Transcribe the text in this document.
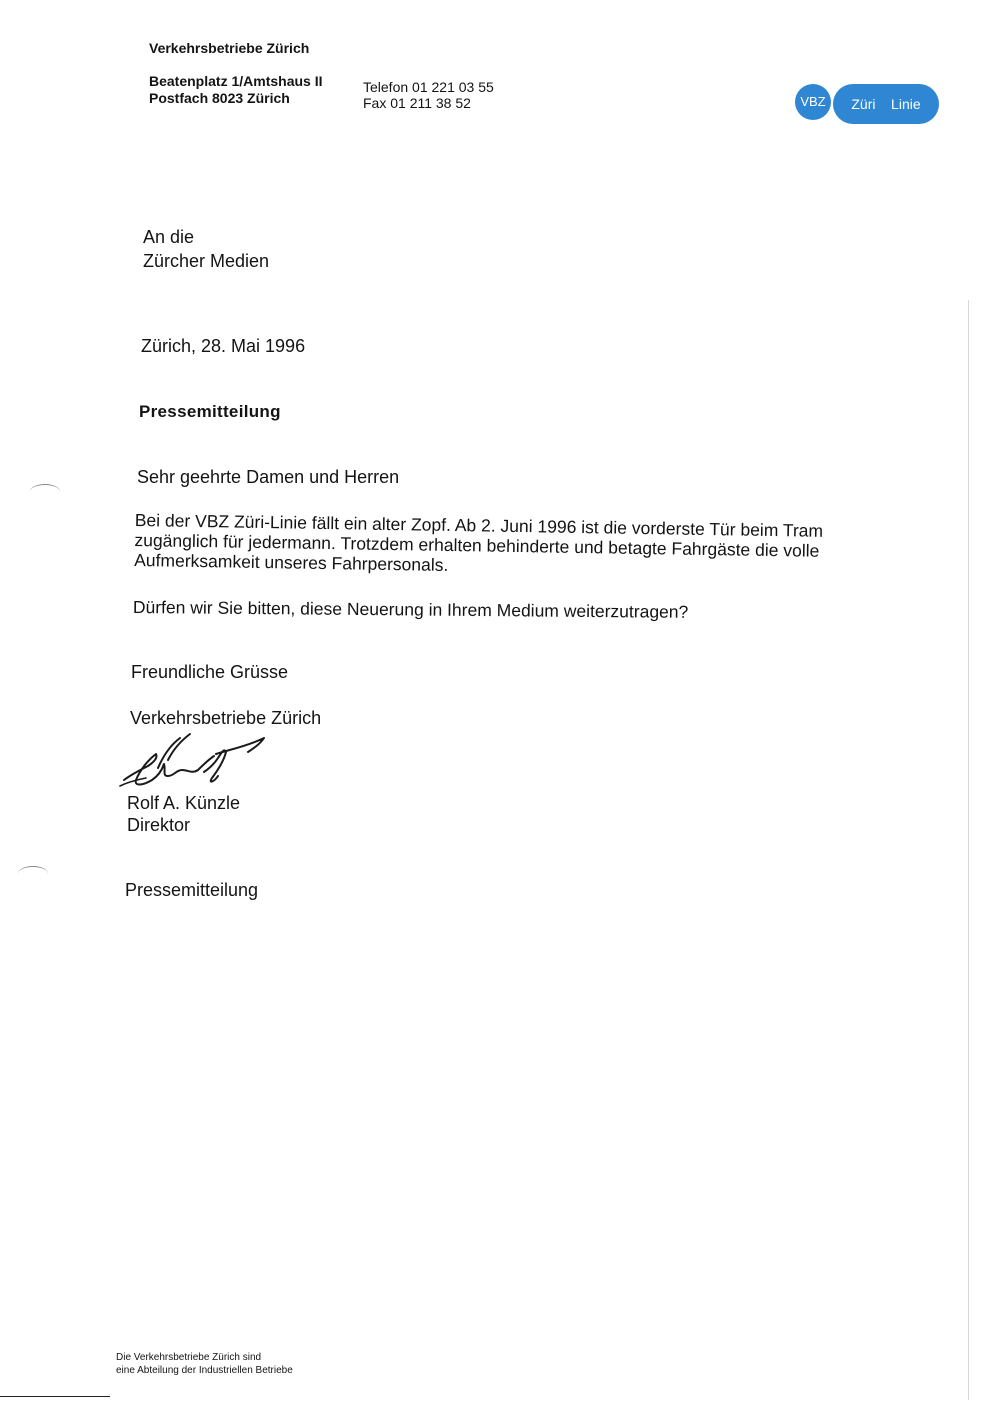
Verkehrsbetriebe Zürich
Beatenplatz 1/Amtshaus II
Postfach 8023 Zürich
Telefon 01 221 03 55
Fax 01 211 38 52	VBZ	Züri    Linie
An die
Zürcher Medien
Zürich, 28. Mai 1996
Pressemitteilung
Sehr geehrte Damen und Herren
Bei der VBZ Züri-Linie fällt ein alter Zopf. Ab 2. Juni 1996 ist die vorderste Tür beim Tram zugänglich für jedermann. Trotzdem erhalten behinderte und betagte Fahrgäste die volle Aufmerksamkeit unseres Fahrpersonals.
Dürfen wir Sie bitten, diese Neuerung in Ihrem Medium weiterzutragen?
Freundliche Grüsse
Verkehrsbetriebe Zürich
Rolf A. Künzle
Direktor
Pressemitteilung
Die Verkehrsbetriebe Zürich sind
eine Abteilung der Industriellen Betriebe
